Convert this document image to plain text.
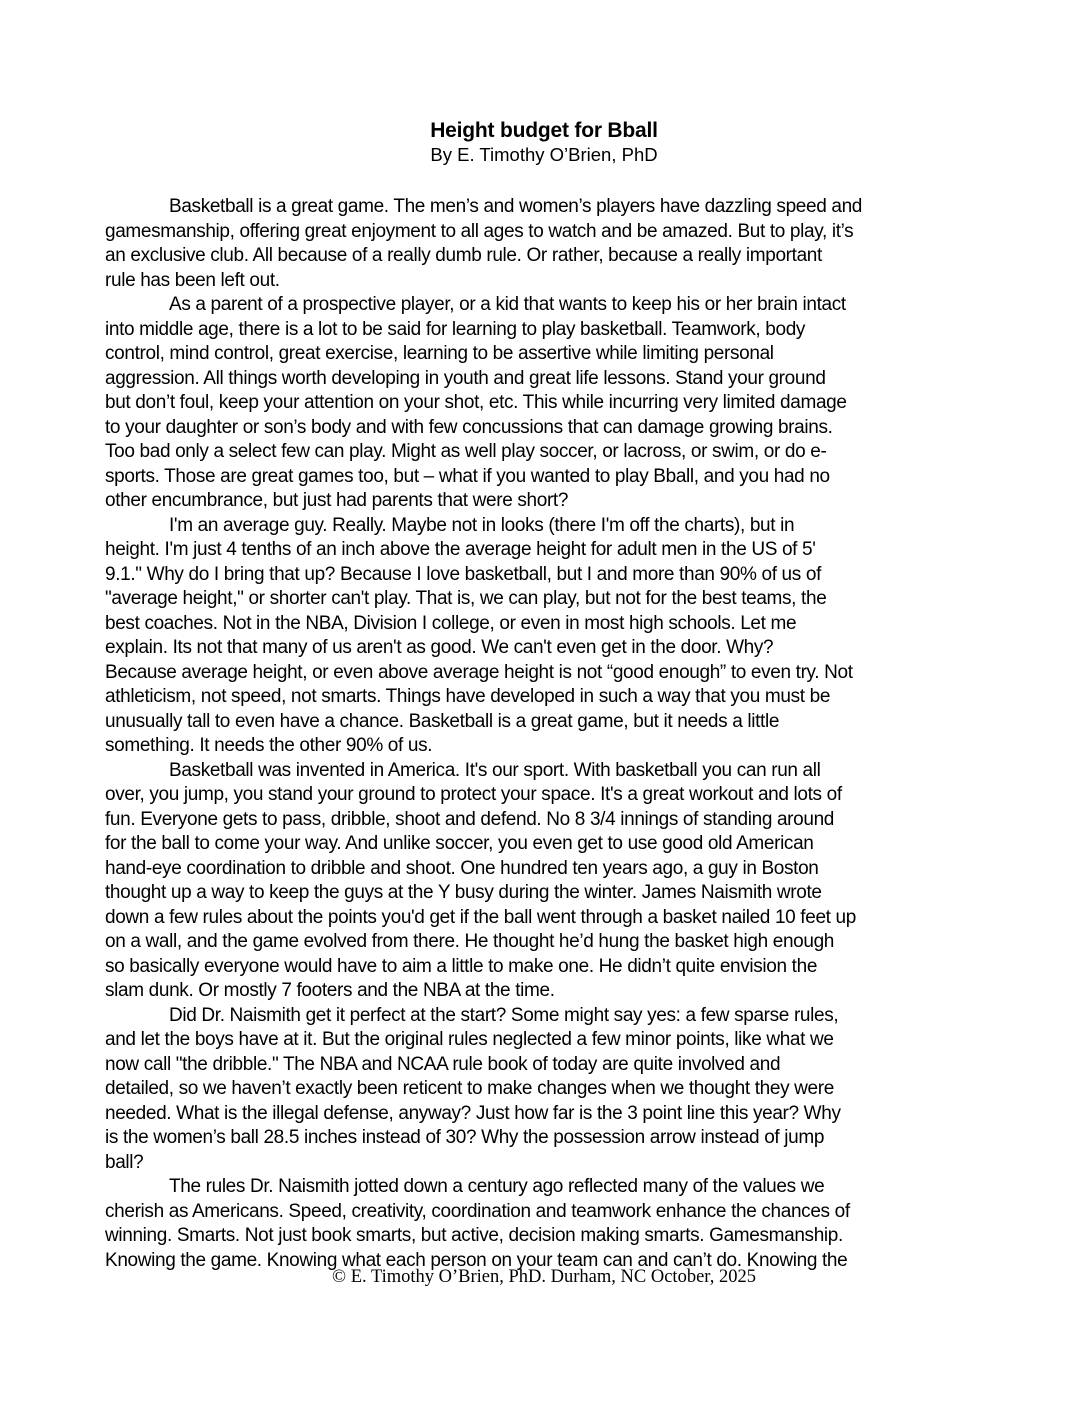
Height budget for Bball
By E. Timothy O’Brien, PhD
Basketball is a great game. The men’s and women’s players have dazzling speed and
gamesmanship, offering great enjoyment to all ages to watch and be amazed. But to play, it’s
an exclusive club. All because of a really dumb rule. Or rather, because a really important
rule has been left out.
As a parent of a prospective player, or a kid that wants to keep his or her brain intact
into middle age, there is a lot to be said for learning to play basketball. Teamwork, body
control, mind control, great exercise, learning to be assertive while limiting personal
aggression. All things worth developing in youth and great life lessons. Stand your ground
but don’t foul, keep your attention on your shot, etc. This while incurring very limited damage
to your daughter or son’s body and with few concussions that can damage growing brains.
Too bad only a select few can play. Might as well play soccer, or lacross, or swim, or do e-
sports. Those are great games too, but – what if you wanted to play Bball, and you had no
other encumbrance, but just had parents that were short?
I'm an average guy. Really. Maybe not in looks (there I'm off the charts), but in
height. I'm just 4 tenths of an inch above the average height for adult men in the US of 5'
9.1." Why do I bring that up? Because I love basketball, but I and more than 90% of us of
"average height," or shorter can't play. That is, we can play, but not for the best teams, the
best coaches. Not in the NBA, Division I college, or even in most high schools. Let me
explain. Its not that many of us aren't as good. We can't even get in the door. Why?
Because average height, or even above average height is not “good enough” to even try. Not
athleticism, not speed, not smarts. Things have developed in such a way that you must be
unusually tall to even have a chance. Basketball is a great game, but it needs a little
something. It needs the other 90% of us.
Basketball was invented in America. It's our sport. With basketball you can run all
over, you jump, you stand your ground to protect your space. It's a great workout and lots of
fun. Everyone gets to pass, dribble, shoot and defend. No 8 3/4 innings of standing around
for the ball to come your way. And unlike soccer, you even get to use good old American
hand-eye coordination to dribble and shoot. One hundred ten years ago, a guy in Boston
thought up a way to keep the guys at the Y busy during the winter. James Naismith wrote
down a few rules about the points you'd get if the ball went through a basket nailed 10 feet up
on a wall, and the game evolved from there. He thought he’d hung the basket high enough
so basically everyone would have to aim a little to make one. He didn’t quite envision the
slam dunk. Or mostly 7 footers and the NBA at the time.
Did Dr. Naismith get it perfect at the start? Some might say yes: a few sparse rules,
and let the boys have at it. But the original rules neglected a few minor points, like what we
now call "the dribble." The NBA and NCAA rule book of today are quite involved and
detailed, so we haven’t exactly been reticent to make changes when we thought they were
needed. What is the illegal defense, anyway? Just how far is the 3 point line this year? Why
is the women’s ball 28.5 inches instead of 30? Why the possession arrow instead of jump
ball?
The rules Dr. Naismith jotted down a century ago reflected many of the values we
cherish as Americans. Speed, creativity, coordination and teamwork enhance the chances of
winning. Smarts. Not just book smarts, but active, decision making smarts. Gamesmanship.
Knowing the game. Knowing what each person on your team can and can’t do. Knowing the
© E. Timothy O’Brien, PhD. Durham, NC October, 2025
